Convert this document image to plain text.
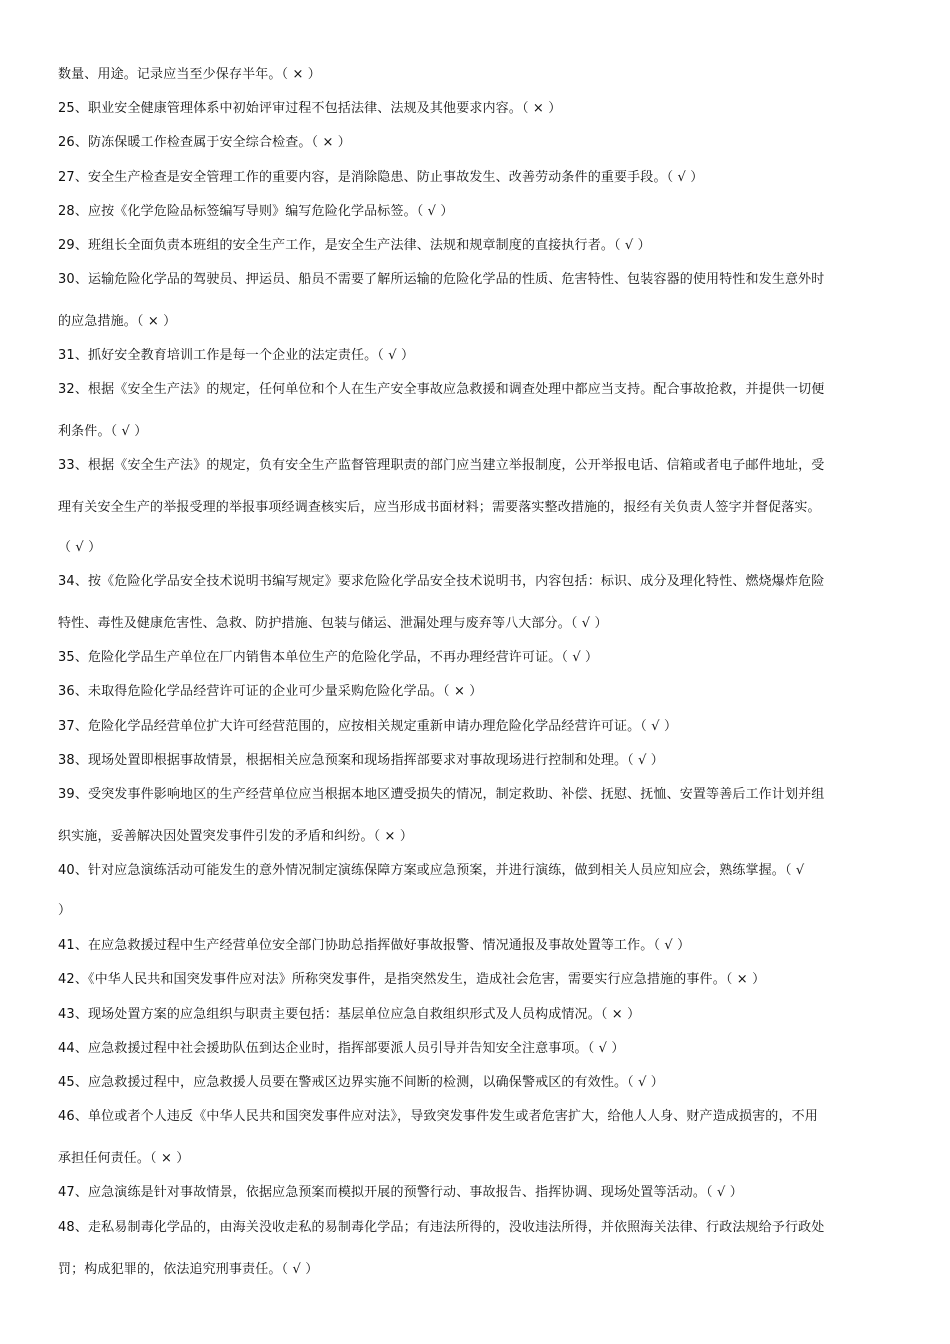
数量、用途。记录应当至少保存半年。（ × ）
25、职业安全健康管理体系中初始评审过程不包括法律、法规及其他要求内容。（ × ）
26、防冻保暖工作检查属于安全综合检查。（ × ）
27、安全生产检查是安全管理工作的重要内容，是消除隐患、防止事故发生、改善劳动条件的重要手段。（ √ ）
28、应按《化学危险品标签编写导则》编写危险化学品标签。（ √ ）
29、班组长全面负责本班组的安全生产工作，是安全生产法律、法规和规章制度的直接执行者。（ √ ）
30、运输危险化学品的驾驶员、押运员、船员不需要了解所运输的危险化学品的性质、危害特性、包装容器的使用特性和发生意外时
的应急措施。（ × ）
31、抓好安全教育培训工作是每一个企业的法定责任。（ √ ）
32、根据《安全生产法》的规定，任何单位和个人在生产安全事故应急救援和调查处理中都应当支持。配合事故抢救，并提供一切便
利条件。（ √ ）
33、根据《安全生产法》的规定，负有安全生产监督管理职责的部门应当建立举报制度，公开举报电话、信箱或者电子邮件地址，受
理有关安全生产的举报受理的举报事项经调查核实后，应当形成书面材料；需要落实整改措施的，报经有关负责人签字并督促落实。
（ √ ）
34、按《危险化学品安全技术说明书编写规定》要求危险化学品安全技术说明书，内容包括：标识、成分及理化特性、燃烧爆炸危险
特性、毒性及健康危害性、急救、防护措施、包装与储运、泄漏处理与废弃等八大部分。（ √ ）
35、危险化学品生产单位在厂内销售本单位生产的危险化学品，不再办理经营许可证。（ √ ）
36、未取得危险化学品经营许可证的企业可少量采购危险化学品。（ × ）
37、危险化学品经营单位扩大许可经营范围的，应按相关规定重新申请办理危险化学品经营许可证。（ √ ）
38、现场处置即根据事故情景，根据相关应急预案和现场指挥部要求对事故现场进行控制和处理。（ √ ）
39、受突发事件影响地区的生产经营单位应当根据本地区遭受损失的情况，制定救助、补偿、抚慰、抚恤、安置等善后工作计划并组
织实施，妥善解决因处置突发事件引发的矛盾和纠纷。（ × ）
40、针对应急演练活动可能发生的意外情况制定演练保障方案或应急预案，并进行演练，做到相关人员应知应会，熟练掌握。（ √
）
41、在应急救援过程中生产经营单位安全部门协助总指挥做好事故报警、情况通报及事故处置等工作。（ √ ）
42、《中华人民共和国突发事件应对法》所称突发事件，是指突然发生，造成社会危害，需要实行应急措施的事件。（ × ）
43、现场处置方案的应急组织与职责主要包括：基层单位应急自救组织形式及人员构成情况。（ × ）
44、应急救援过程中社会援助队伍到达企业时，指挥部要派人员引导并告知安全注意事项。（ √ ）
45、应急救援过程中，应急救援人员要在警戒区边界实施不间断的检测，以确保警戒区的有效性。（ √ ）
46、单位或者个人违反《中华人民共和国突发事件应对法》，导致突发事件发生或者危害扩大，给他人人身、财产造成损害的，不用
承担任何责任。（ × ）
47、应急演练是针对事故情景，依据应急预案而模拟开展的预警行动、事故报告、指挥协调、现场处置等活动。（ √ ）
48、走私易制毒化学品的，由海关没收走私的易制毒化学品；有违法所得的，没收违法所得，并依照海关法律、行政法规给予行政处
罚；构成犯罪的，依法追究刑事责任。（ √ ）
